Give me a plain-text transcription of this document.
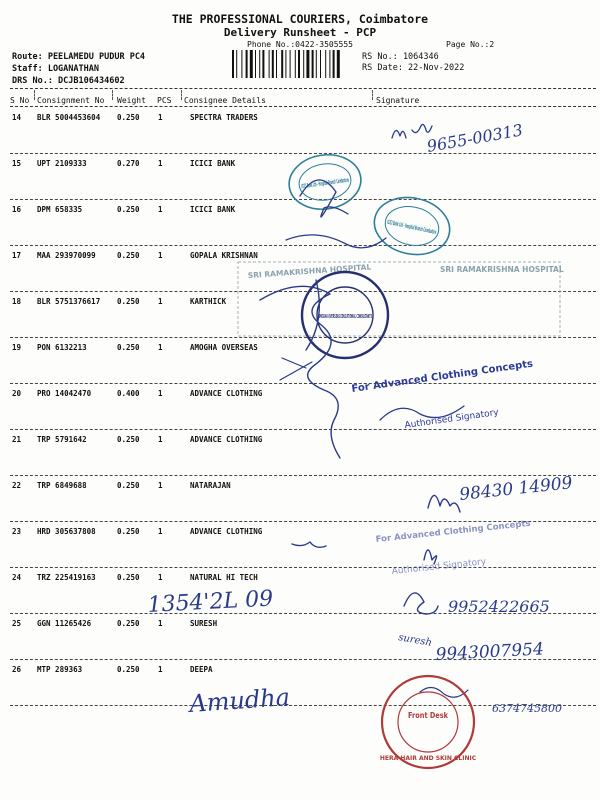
THE PROFESSIONAL COURIERS, Coimbatore
Delivery Runsheet - PCP
Phone No.:0422-3505555	Page No.:2
Route: PEELAMEDU PUDUR PC4
Staff: LOGANATHAN
DRS No.: DCJB106434602
RS No.: 1064346
RS Date: 22-Nov-2022
S No Consignment No Weight PCS Consignee Details	Signature
14 BLR 5004453604 0.250 1	SPECTRA TRADERS
15 UPT 2109333	0.270 1	ICICI BANK
16 DPM 658335	0.250 1	ICICI BANK
17 MAA 293970099	0.250 1	GOPALA KRISHNAN
18 BLR 5751376617 0.250 1	KARTHICK
19 PON 6132213	0.250 1	AMOGHA OVERSEAS
20 PRO 14042470	0.400 1	ADVANCE CLOTHING
21 TRP 5791642	0.250 1	ADVANCE CLOTHING
22 TRP 6849688	0.250 1	NATARAJAN
23 HRD 305637808	0.250 1	ADVANCE CLOTHING
24 TRZ 225419163	0.250 1	NATURAL HI TECH
25 GGN 11265426	0.250 1	SURESH
26 MTP 289363	0.250 1	DEEPA
9655-00313
ICICI Bank Ltd - Hospital Branch Coimbatore
ICICI Bank Ltd - Hospital Branch Coimbatore
SRI RAMAKRISHNA HOSPITAL	SRI RAMAKRISHNA HOSPITAL
AMOGHA OVERSEAS EDUCATIONAL CONSULTANTS
For Advanced Clothing Concepts
Authorised Signatory
98430 14909
For Advanced Clothing Concepts
Authorised Signatory
1354'2L 09	9952422665
suresh 9943007954
Amudha	6374745800
Front Desk
HERA HAIR AND SKIN CLINIC
